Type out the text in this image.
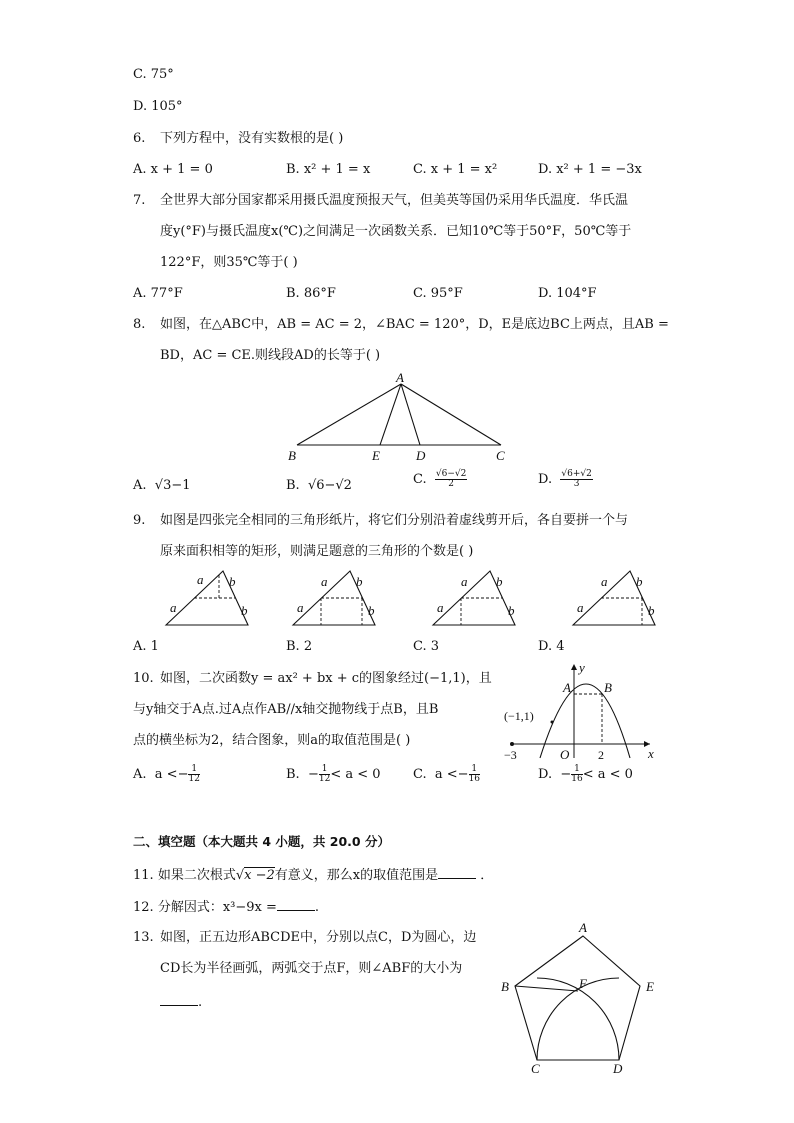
C. 75°
D. 105°
6. 下列方程中，没有实数根的是( )
A. x + 1 = 0	B. x² + 1 = x	C. x + 1 = x²	D. x² + 1 = −3x
7. 全世界大部分国家都采用摄氏温度预报天气，但美英等国仍采用华氏温度．华氏温
度y(°F)与摄氏温度x(℃)之间满足一次函数关系．已知10℃等于50°F，50℃等于
122°F，则35℃等于( )
A. 77°F	B. 86°F	C. 95°F	D. 104°F
8. 如图，在△ABC中，AB = AC = 2，∠BAC = 120°，D，E是底边BC上两点，且AB =
BD，AC = CE.则线段AD的长等于( )
A
B	E	D	C
A. √3−1	B. √6−√2	C. $\frac{√6-√2}{2}$	D. $\frac{√6+√2}{3}$
9. 如图是四张完全相同的三角形纸片，将它们分别沿着虚线剪开后，各自要拼一个与
原来面积相等的矩形，则满足题意的三角形的个数是( )
a b
a	b
a b
a	b
a b
a	b
a b
a	b
A. 1	B. 2	C. 3	D. 4
10. 如图，二次函数y = ax² + bx + c的图象经过(−1,1)，且
与y轴交于A点.过A点作AB//x轴交抛物线于点B，且B
点的横坐标为2，结合图象，则a的取值范围是( )
y
A	B
(−1,1)
−3	O 2	x
A. $a <- \frac{1}{12}$	B. − $\frac{1}{12} < a < 0$ C. $a <- \frac{1}{16}$	D. − $\frac{1}{16} < a < 0$
二、填空题（本大题共 4 小题，共 20.0 分）
11. 如果二次根式√x −2有意义，那么x的取值范围是	．
12. 分解因式：x³−9x =	.
13. 如图，正五边形ABCDE中，分别以点C，D为圆心，边
CD长为半径画弧，两弧交于点F，则∠ABF的大小为
.
A
B	F	E
C	D
